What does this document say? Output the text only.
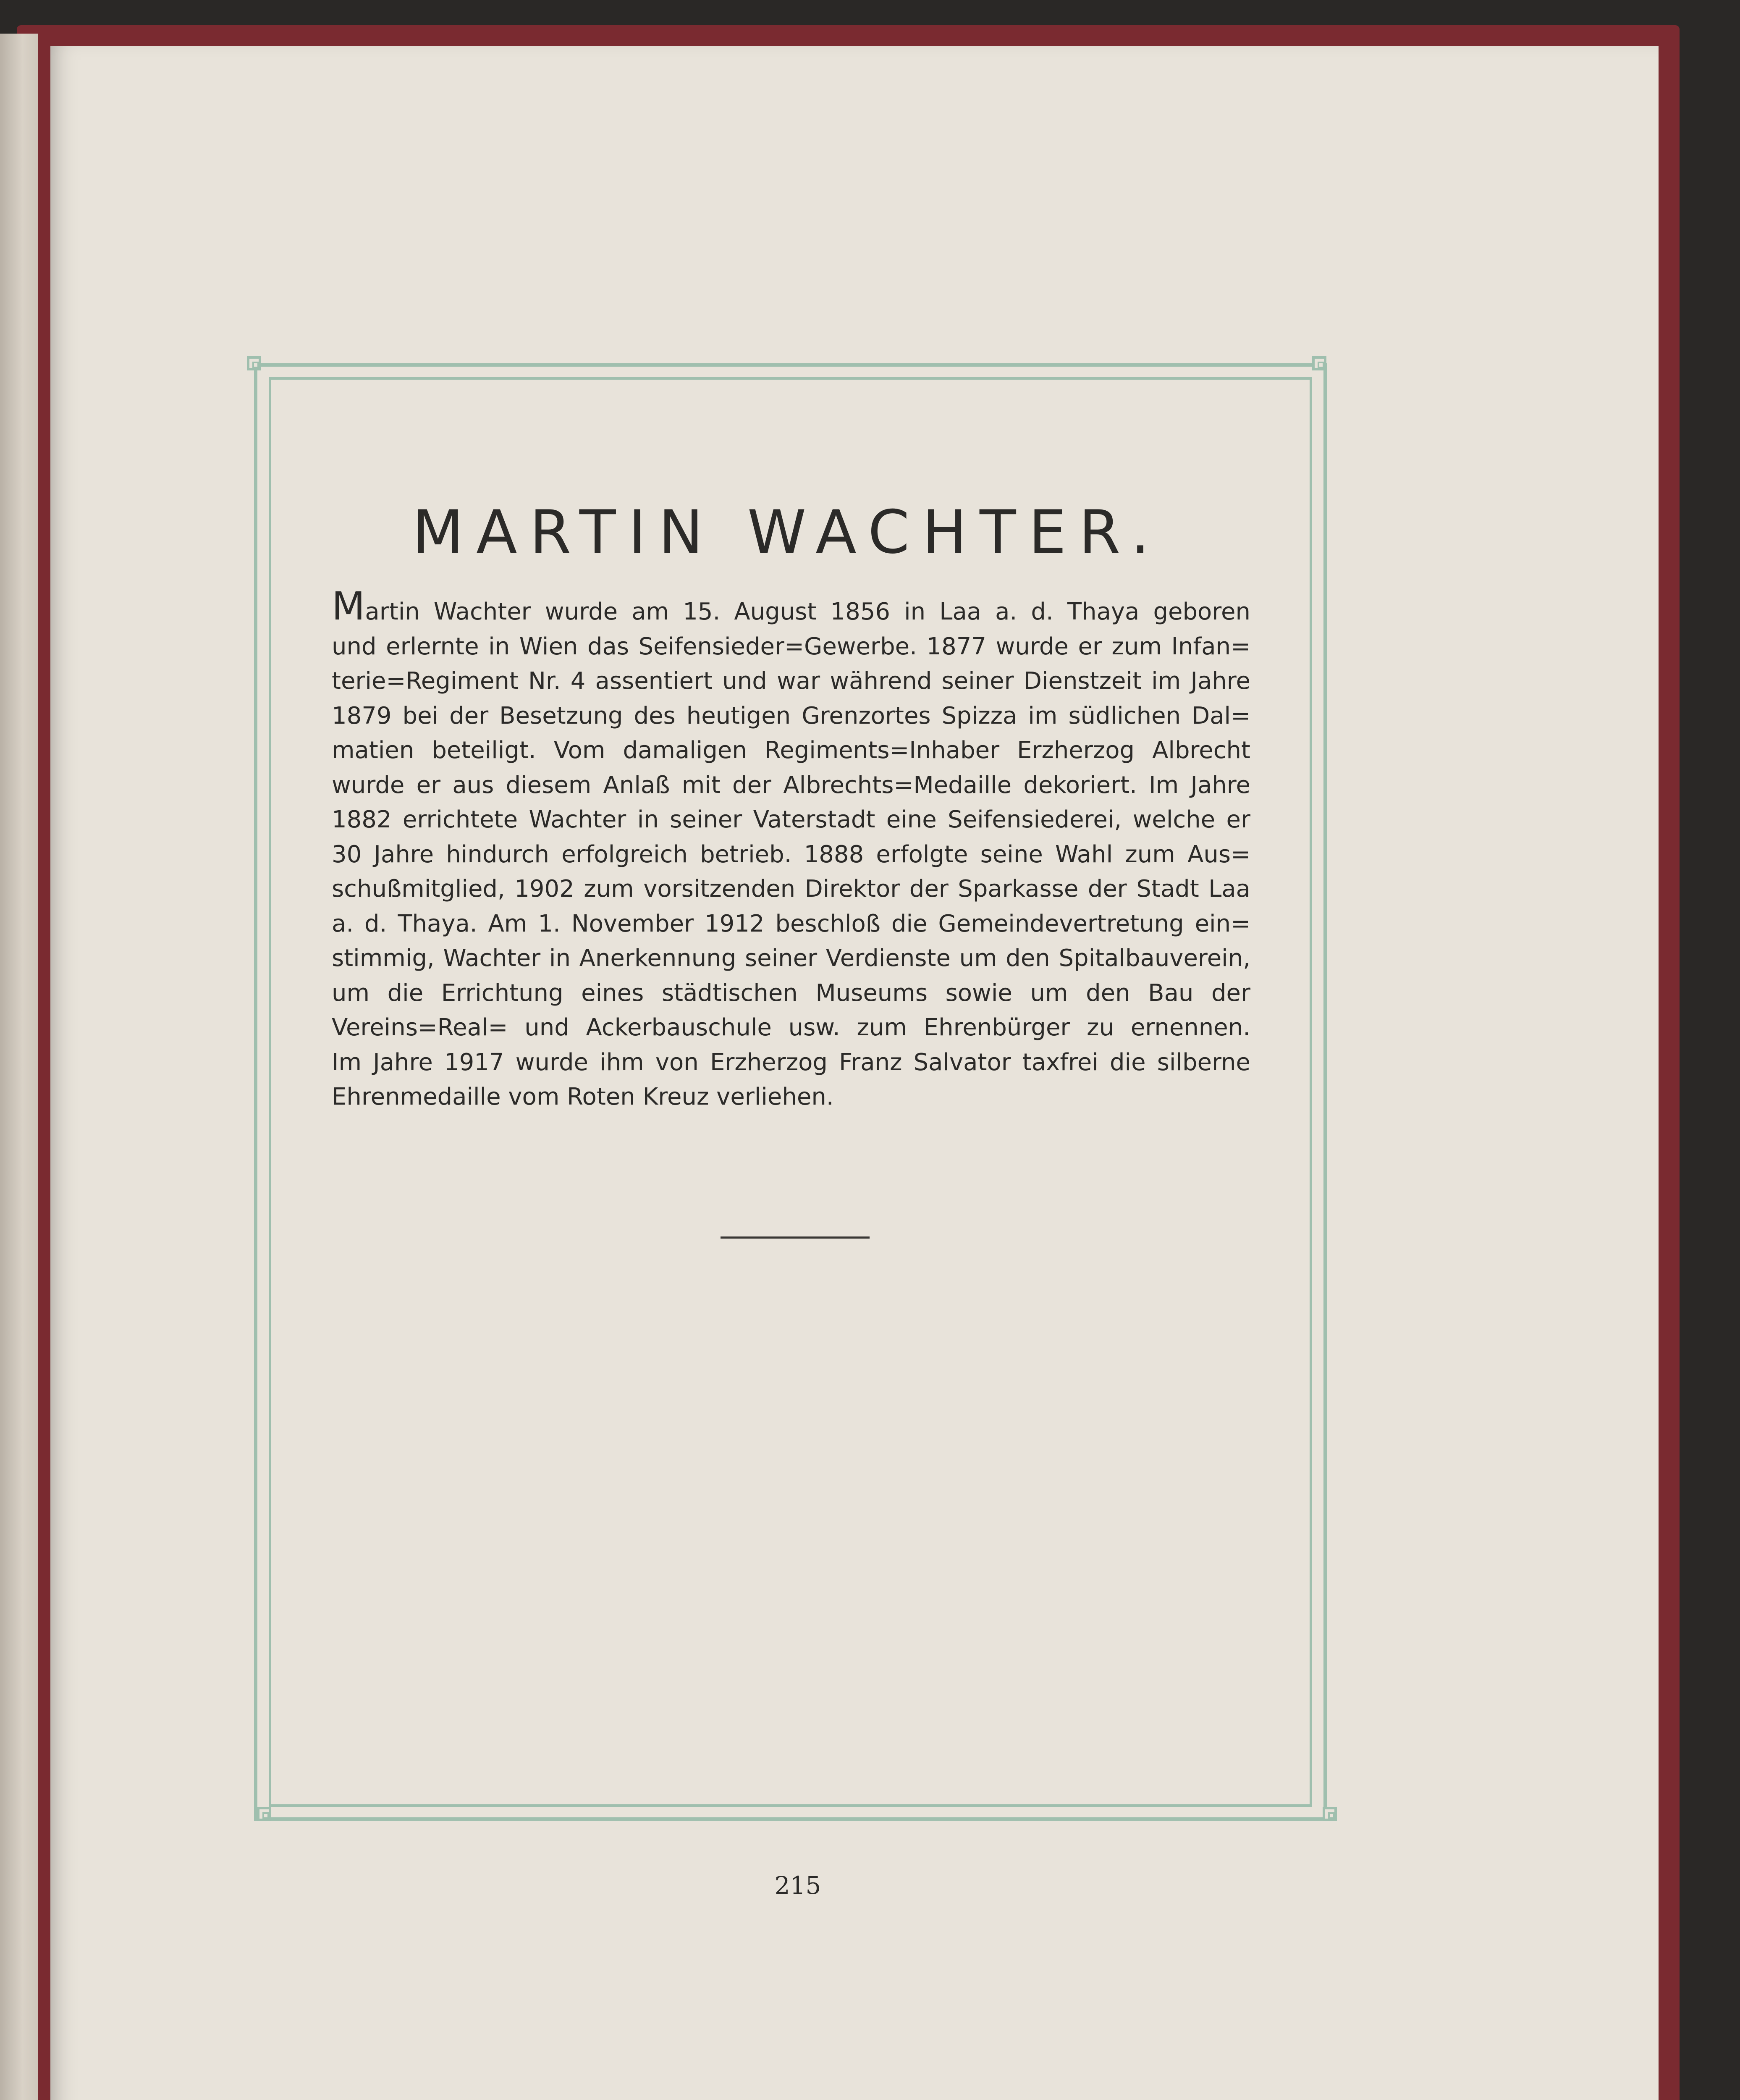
MARTIN WACHTER.

Martin Wachter wurde am 15. August 1856 in Laa a. d. Thaya geboren
und erlernte in Wien das Seifensieder=Gewerbe. 1877 wurde er zum Infan=
terie=Regiment Nr. 4 assentiert und war während seiner Dienstzeit im Jahre
1879 bei der Besetzung des heutigen Grenzortes Spizza im südlichen Dal=
matien beteiligt. Vom damaligen Regiments=Inhaber Erzherzog Albrecht
wurde er aus diesem Anlaß mit der Albrechts=Medaille dekoriert. Im Jahre
1882 errichtete Wachter in seiner Vaterstadt eine Seifensiederei, welche er
30 Jahre hindurch erfolgreich betrieb. 1888 erfolgte seine Wahl zum Aus=
schußmitglied, 1902 zum vorsitzenden Direktor der Sparkasse der Stadt Laa
a. d. Thaya. Am 1. November 1912 beschloß die Gemeindevertretung ein=
stimmig, Wachter in Anerkennung seiner Verdienste um den Spitalbauverein,
um die Errichtung eines städtischen Museums sowie um den Bau der
Vereins=Real= und Ackerbauschule usw. zum Ehrenbürger zu ernennen.
Im Jahre 1917 wurde ihm von Erzherzog Franz Salvator taxfrei die silberne
Ehrenmedaille vom Roten Kreuz verliehen.

215
